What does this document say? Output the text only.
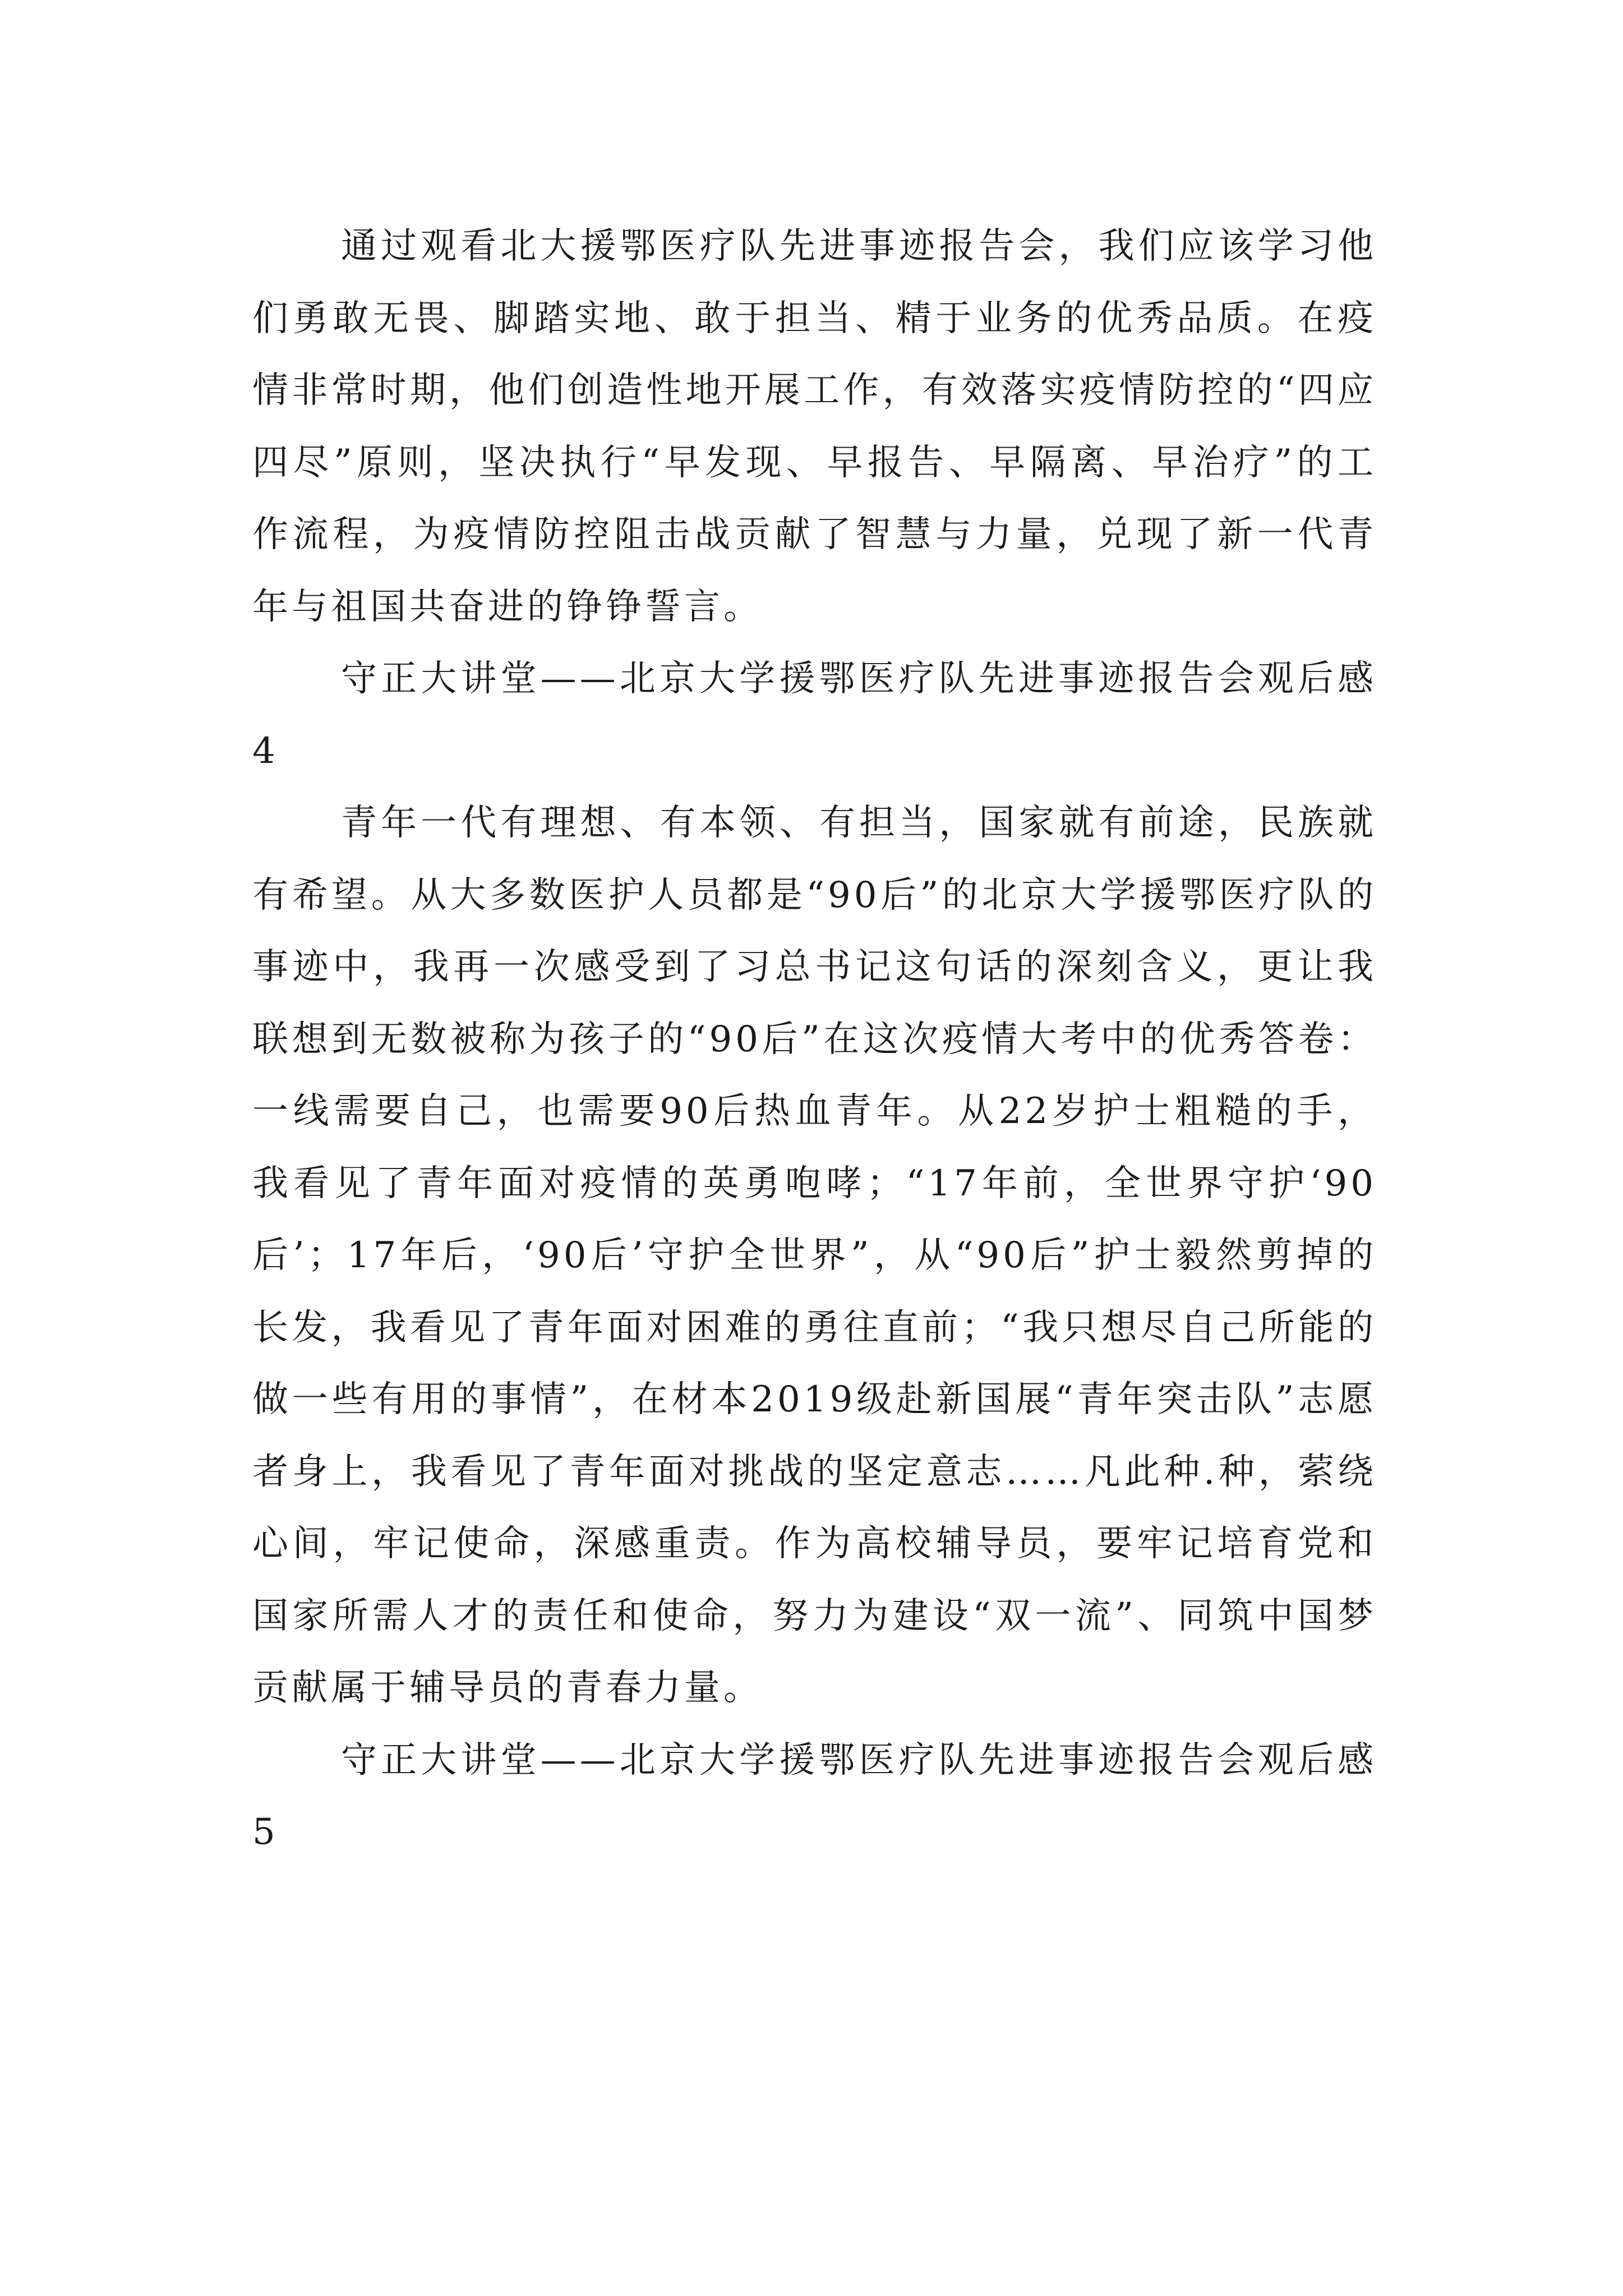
通过观看北大援鄂医疗队先进事迹报告会，我们应该学习他们勇敢无畏、脚踏实地、敢于担当、精于业务的优秀品质。在疫情非常时期，他们创造性地开展工作，有效落实疫情防控的“四应四尽”原则，坚决执行“早发现、早报告、早隔离、早治疗”的工作流程，为疫情防控阻击战贡献了智慧与力量，兑现了新一代青年与祖国共奋进的铮铮誓言。

守正大讲堂——北京大学援鄂医疗队先进事迹报告会观后感4

青年一代有理想、有本领、有担当，国家就有前途，民族就有希望。从大多数医护人员都是“90后”的北京大学援鄂医疗队的事迹中，我再一次感受到了习总书记这句话的深刻含义，更让我联想到无数被称为孩子的“90后”在这次疫情大考中的优秀答卷：一线需要自己，也需要90后热血青年。从22岁护士粗糙的手，我看见了青年面对疫情的英勇咆哮；“17年前，全世界守护‘90后’；17年后，‘90后’守护全世界”，从“90后”护士毅然剪掉的长发，我看见了青年面对困难的勇往直前；“我只想尽自己所能的做一些有用的事情”，在材本2019级赴新国展“青年突击队”志愿者身上，我看见了青年面对挑战的坚定意志……凡此种.种，萦绕心间，牢记使命，深感重责。作为高校辅导员，要牢记培育党和国家所需人才的责任和使命，努力为建设“双一流”、同筑中国梦贡献属于辅导员的青春力量。

守正大讲堂——北京大学援鄂医疗队先进事迹报告会观后感5
